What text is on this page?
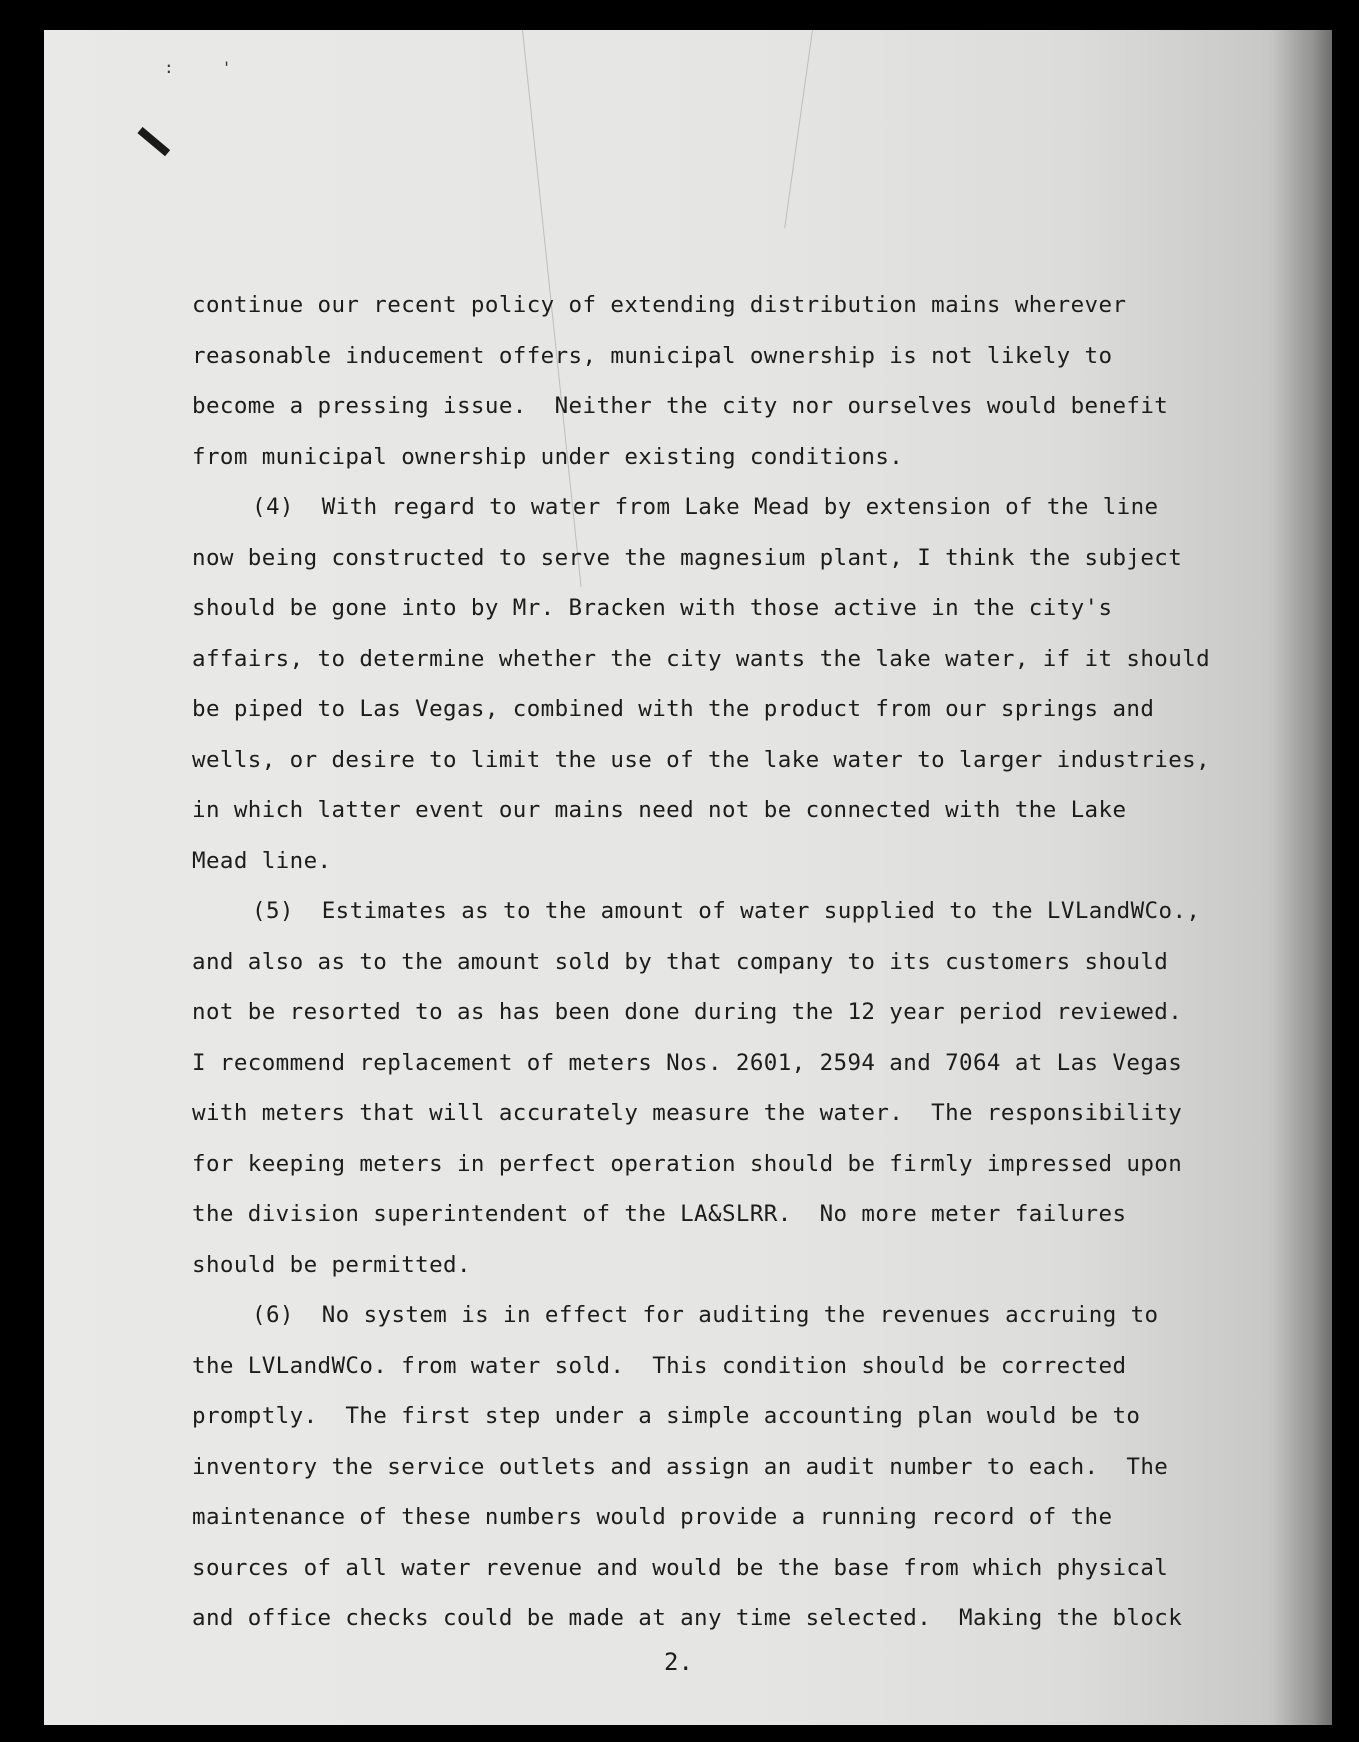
:     '
continue our recent policy of extending distribution mains wherever
reasonable inducement offers, municipal ownership is not likely to
become a pressing issue.  Neither the city nor ourselves would benefit
from municipal ownership under existing conditions.
(4)  With regard to water from Lake Mead by extension of the line
now being constructed to serve the magnesium plant, I think the subject
should be gone into by Mr. Bracken with those active in the city's
affairs, to determine whether the city wants the lake water, if it should
be piped to Las Vegas, combined with the product from our springs and
wells, or desire to limit the use of the lake water to larger industries,
in which latter event our mains need not be connected with the Lake
Mead line.
(5)  Estimates as to the amount of water supplied to the LVLandWCo.,
and also as to the amount sold by that company to its customers should
not be resorted to as has been done during the 12 year period reviewed.
I recommend replacement of meters Nos. 2601, 2594 and 7064 at Las Vegas
with meters that will accurately measure the water.  The responsibility
for keeping meters in perfect operation should be firmly impressed upon
the division superintendent of the LA&SLRR.  No more meter failures
should be permitted.
(6)  No system is in effect for auditing the revenues accruing to
the LVLandWCo. from water sold.  This condition should be corrected
promptly.  The first step under a simple accounting plan would be to
inventory the service outlets and assign an audit number to each.  The
maintenance of these numbers would provide a running record of the
sources of all water revenue and would be the base from which physical
and office checks could be made at any time selected.  Making the block
2.
